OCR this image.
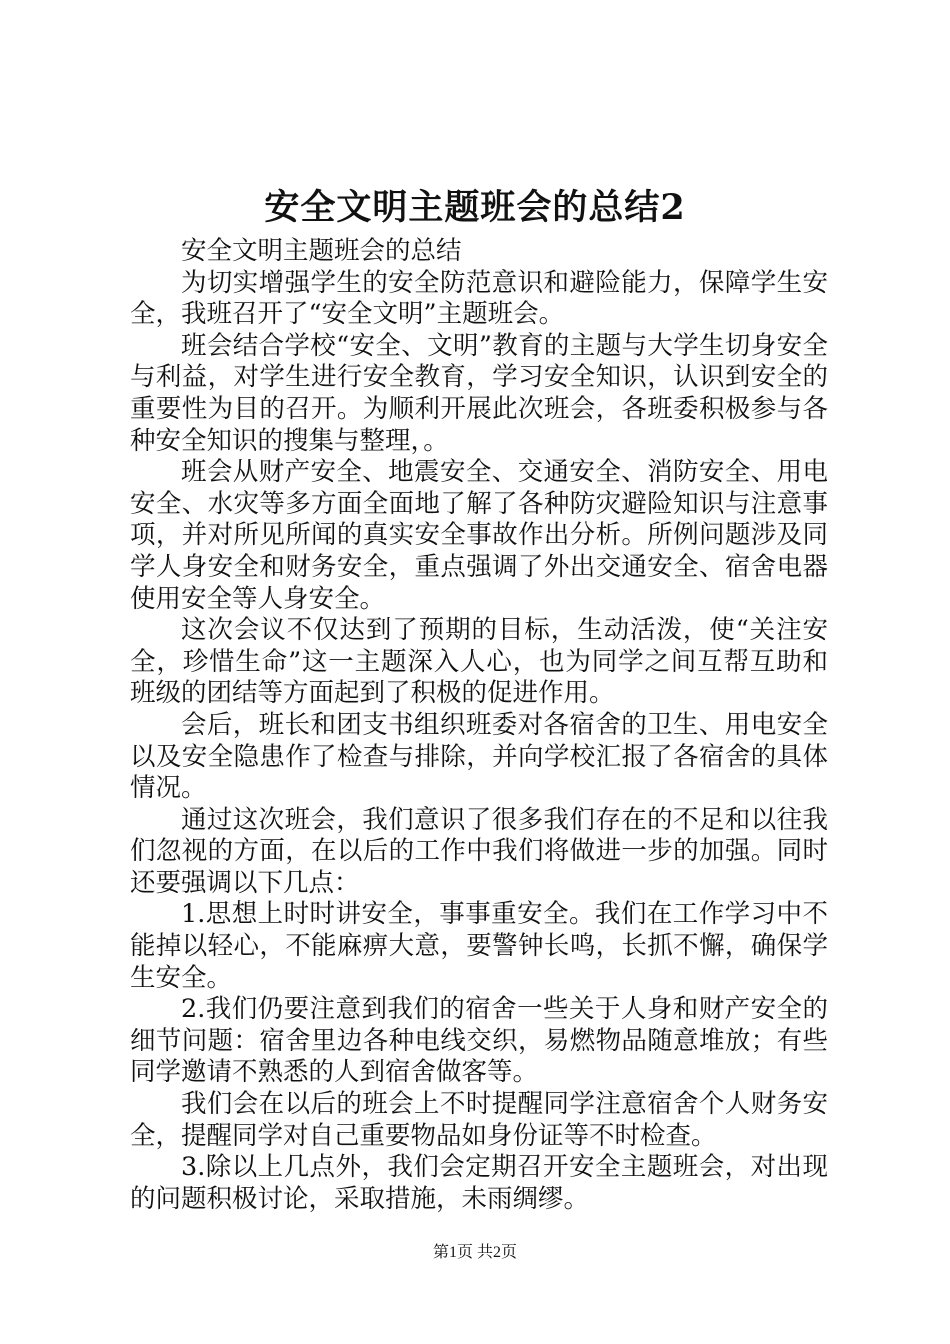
安全文明主题班会的总结2

安全文明主题班会的总结

为切实增强学生的安全防范意识和避险能力，保障学生安全，我班召开了“安全文明”主题班会。

班会结合学校“安全、文明”教育的主题与大学生切身安全与利益，对学生进行安全教育，学习安全知识，认识到安全的重要性为目的召开。为顺利开展此次班会，各班委积极参与各种安全知识的搜集与整理，。

班会从财产安全、地震安全、交通安全、消防安全、用电安全、水灾等多方面全面地了解了各种防灾避险知识与注意事项，并对所见所闻的真实安全事故作出分析。所例问题涉及同学人身安全和财务安全，重点强调了外出交通安全、宿舍电器使用安全等人身安全。

这次会议不仅达到了预期的目标，生动活泼，使“关注安全，珍惜生命”这一主题深入人心，也为同学之间互帮互助和班级的团结等方面起到了积极的促进作用。

会后，班长和团支书组织班委对各宿舍的卫生、用电安全以及安全隐患作了检查与排除，并向学校汇报了各宿舍的具体情况。

通过这次班会，我们意识了很多我们存在的不足和以往我们忽视的方面，在以后的工作中我们将做进一步的加强。同时还要强调以下几点：

1.思想上时时讲安全，事事重安全。我们在工作学习中不能掉以轻心，不能麻痹大意，要警钟长鸣，长抓不懈，确保学生安全。

2.我们仍要注意到我们的宿舍一些关于人身和财产安全的细节问题：宿舍里边各种电线交织，易燃物品随意堆放；有些同学邀请不熟悉的人到宿舍做客等。

我们会在以后的班会上不时提醒同学注意宿舍个人财务安全，提醒同学对自己重要物品如身份证等不时检查。

3.除以上几点外，我们会定期召开安全主题班会，对出现的问题积极讨论，采取措施，未雨绸缪。

第1页 共2页
